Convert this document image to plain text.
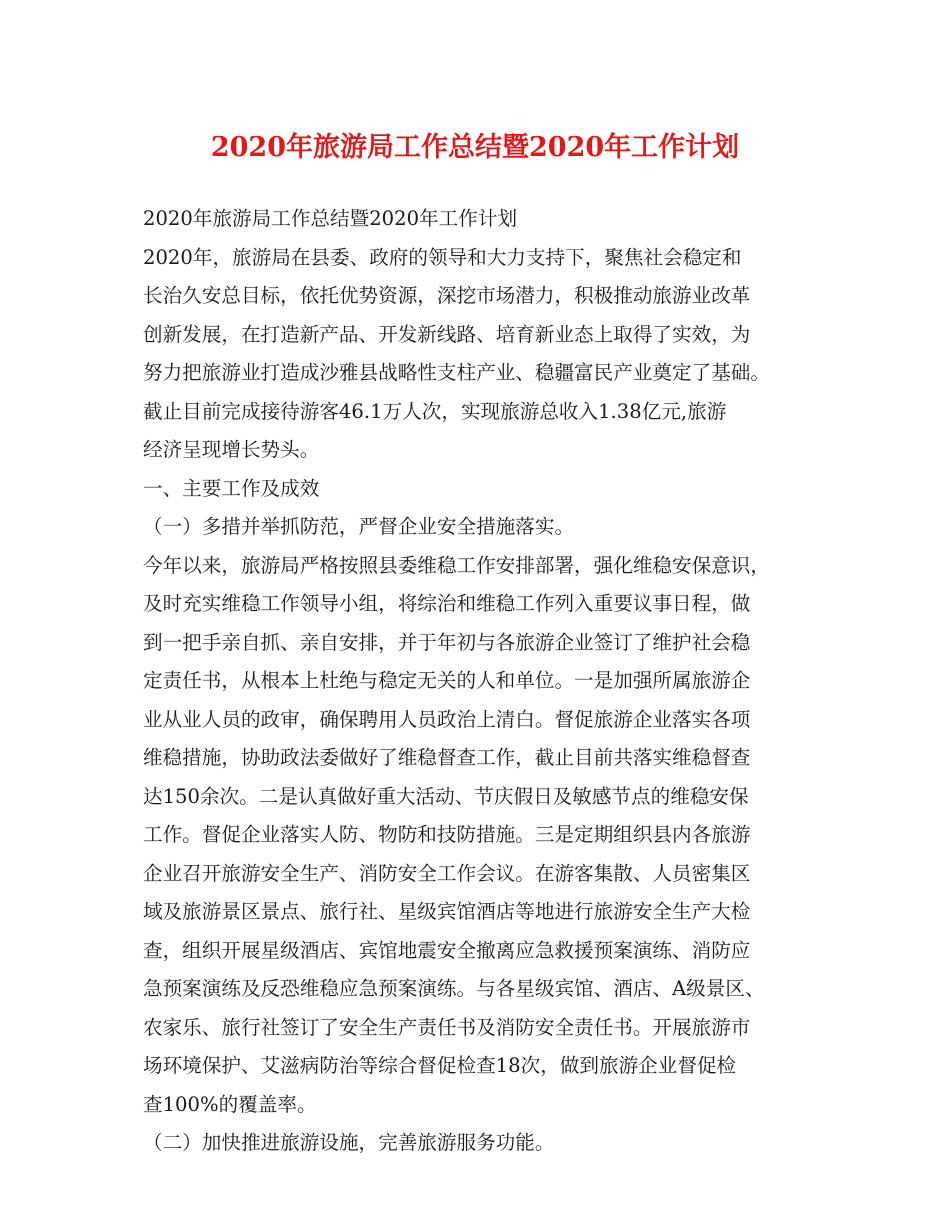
2020年旅游局工作总结暨2020年工作计划

2020年旅游局工作总结暨2020年工作计划

2020年，旅游局在县委、政府的领导和大力支持下，聚焦社会稳定和

长治久安总目标，依托优势资源，深挖市场潜力，积极推动旅游业改革

创新发展，在打造新产品、开发新线路、培育新业态上取得了实效，为

努力把旅游业打造成沙雅县战略性支柱产业、稳疆富民产业奠定了基础。

截止目前完成接待游客46.1万人次，实现旅游总收入1.38亿元,旅游

经济呈现增长势头。

一、主要工作及成效

（一）多措并举抓防范，严督企业安全措施落实。

今年以来，旅游局严格按照县委维稳工作安排部署，强化维稳安保意识，

及时充实维稳工作领导小组，将综治和维稳工作列入重要议事日程，做

到一把手亲自抓、亲自安排，并于年初与各旅游企业签订了维护社会稳

定责任书，从根本上杜绝与稳定无关的人和单位。一是加强所属旅游企

业从业人员的政审，确保聘用人员政治上清白。督促旅游企业落实各项

维稳措施，协助政法委做好了维稳督查工作，截止目前共落实维稳督查

达150余次。二是认真做好重大活动、节庆假日及敏感节点的维稳安保

工作。督促企业落实人防、物防和技防措施。三是定期组织县内各旅游

企业召开旅游安全生产、消防安全工作会议。在游客集散、人员密集区

域及旅游景区景点、旅行社、星级宾馆酒店等地进行旅游安全生产大检

查，组织开展星级酒店、宾馆地震安全撤离应急救援预案演练、消防应

急预案演练及反恐维稳应急预案演练。与各星级宾馆、酒店、A级景区、

农家乐、旅行社签订了安全生产责任书及消防安全责任书。开展旅游市

场环境保护、艾滋病防治等综合督促检查18次，做到旅游企业督促检

查100%的覆盖率。

（二）加快推进旅游设施，完善旅游服务功能。
